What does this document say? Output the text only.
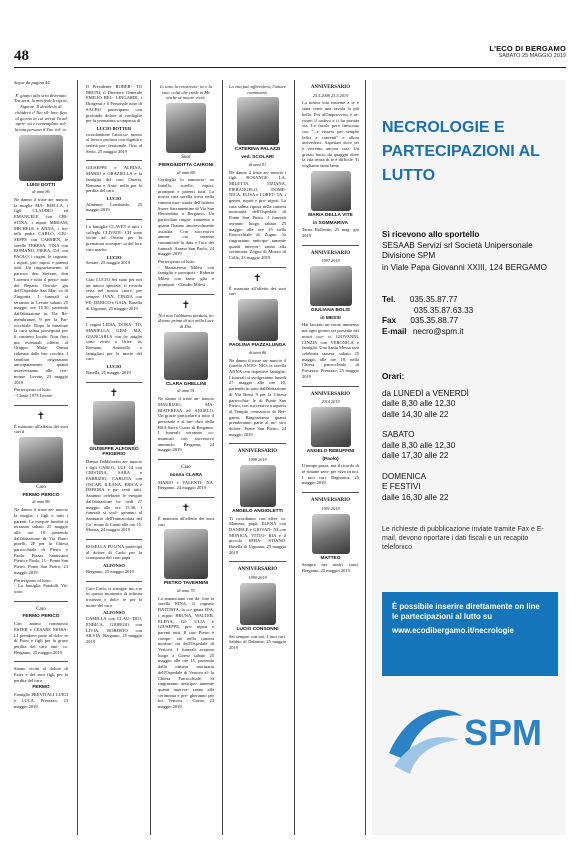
48	L'ECO DI BERGAMO
SABATO 25 MAGGIO 2019
Segue da pagina 44
E' giunto alla sera diventato Tra sera, la mia fede li riposi, Signore. Il desiderio di chiuderò il Tuo sil- lare, fino al giorno in cui verrai Tu ad aprir- mi e contemplare sul- la mia persona il Tuo vol- to.
LUIGI DOTTI
di anni 86
Ne danno il triste an- nuncio la moglie MA- RIELLA, i figli CLAUDIO ed EMANUELE con CRI- STINA, i nipoti MIRIAM, MICHELE e ANNA, i fra- telli padre CARLO, GIU- SEPPE con CARMEN, le sorelle TERESA, TINA con ROMANO, PIERA, DA con PAOLO, i cugini, le cognate, i nipoti, pro- nipoti e parenti tutti. Un ringraziamento al parroco don Stefano, don Lorenzo e tutto il perso- nale del Reparto Oncolo- gia dell'Ospedale San Mar- co di Zingonia. I funerali si terranno in Levate sabato 25 maggio ore 15.30, partendo dall'abitazione in Via Re- membranze, 9 per la Par- rocchiale. Dopo la funzione la cara salma proseguirà per il cimitero locale. Non fiori ma eventuali offerte al Gruppo Mala- Ormai ridonate dalle bar- rocchia. I familiari ringraziano anticipatamente quanti interverranno alle ceri- monie. Levate, 23 maggio 2019
Partecipano al lutto:
- Classe 1973 Levate
✝
È mancato all'affetto dei suoi cari il
Caro
FERMO PERICO
di anni 86
Ne danno il triste an- nuncio la moglie, i figli e tutti i parenti. Le esequie funebri si terranno sabato 25 maggio alle ore 10 partendo dall'abitazione di Via Ram- pinelli, 2F per la Chiesa parrocchiale di Pietro e Paolo. Piazza Santissimi Pietro e Paolo, 11 - Ponte San Pietro. Ponte San Pietro, 23 maggio 2019
Partecipano al lutto:
- La famiglia Pandolfi Vit- torio
Caro
FERMO PERICO
Con animo commosso ESTER e CESARE MORA- LI prendono parte al dolo- re di Ester e figli per la grave perdita del caro ami- co. Bergamo, 25 maggio 2019
Siamo vicini al dolore di Ester e dei suoi figli per la perdita del caro
FERMO
Famiglie PREVITALI LUIGI e LUCA. Presezzo, 23 maggio 2019
Il Presidente ROBER- TO BRUNI, il Direttore Generale EMILIO BEL- LINGARDI, i Dirigenti e il Personale tutto di SACBO partecipano con profondo dolore al cordoglio per la prematura scomparsa di
LUCIO BOTTER
ricordandone l'attacca- mento al lavoro profuso con dignità e serietà pro- fessionale. Orio al Serio, 25 maggio 2019
GIUSEPPE e ALBINA, MARIO e GRAZIELLA e la famiglia del caro Orietta, Romano e Anto- nella per la perdita del caro
LUCIO
Almenno Lombardo, 25 maggio 2019
La famiglia CLAVET e tutti i colleghi CLIVATE- CH sono vicini ad Orietta per la prematura scompar- sa del loro caro marito
LUCIO
Seriate, 25 maggio 2019
Ciao LUCIO Sei stato per noi un amico speciale, il ricordo resta nel nostro cuore, per sempre. IVAN, CINZIA con FE- DERICO e GAIA. Basella di Urgnano, 25 maggio 2019
I cugini LIDIA, DONA- TO, MARIELLA, GEM- MA, GIANCARLA con fa- miglie sono vicini a Oriet- ta, Romano, Antonella e famigliari per la morte del caro
LUCIO
Basella, 25 maggio 2019
✝
GIUSEPPE ALFONSO FRIGERIO
Danno l'addolorato an- nuncio i figli CARLO, LUI- GI con CRISTINA, SARA e FABRIZIO, CARLITA con OSCAR, ILEANA, ERICA e DEBORA e pa- renti tutti. Saranno celebrate le esequie dall'abitazione lu- nedì 27 maggio alle ore 15.30, i funerali si svol- geranno al Santuario dell'Immacolata nel Co- mune di Cantù alle ore 15. Monza, 24 maggio 2019
ROSELLA PULINA partecipa al dolore di Carlo per la scomparsa del caro papà
ALFONSO
Bergamo, 25 maggio 2019
Caro Carlo, ci stringia- mo a te in questo momento di infinita tristezza e dolo- re per la morte del caro
ALFONSO
CAMILLA con CLAU- DIO, ENRICA, GIORGIO con LIVIA, ROBERTO con SILVIA. Bergamo, 25 maggio 2019
Io sono la resurrezio- ne e la vita: colui che crede in Me anche se muore vivrà.
Suor
PIERGIUDITTA CAIRONI
di anni 88
Cordoglio lo annuncia- no fratello, sorelle, nipoti, pronipoti e parenti tutti. La nostra cara sorella trova nella camera mor- tuaria dell'Istituto Suore Sacramentine di Via San Bernardino a Bergamo. Un particolare ringra- ziamento a quanti l'hanno amorevolmente assistita. Con successivo annun- cio saranno comunicate la data e l'ora dei funerali. Aramo San Paolo, 24 maggio 2019
Partecipano al lutto:
- Mariateresa Milesi con famiglia e pronipoti - Roberta Milesi con fami- glia e pronipoti - Claudio Milesi
✝
Noi non l'abbiamo perduta, ho dovuto prima di noi nella Luce di Dio.
CLARA GHELLINI
di anni 91
Ne danno il triste an- nuncio MAURIZIO, MA- RIATERESA ed ANGELO. Un grazie particolare a tutto il personale e al me- dico della RSA Sacro Cuore di Bergamo. I funerali verranno co- municati con successivo annuncio. Bergamo, 24 maggio 2019
Ciao
nonna CLARA
MARIO e VALENTI- NA. Bergamo, 24 maggio 2019
✝
È mancato all'affetto dei suoi cari
PIETRO TAVERNINI
di anni 76
Lo annunciano con do- lore la sorella RINA, il cognato BATTISTA, la co- gnata IDA, i nipoti BRUNA, WALTER, ELENA, GI- ULIA e GIUSEPPE, pro- nipoti e parenti tutti. Il caro Pietro è compo- sto nella camera mortua- ria dell'Ospedale di Vertova. I funerali avranno luogo a Gorno sabato 25 maggio alle ore 15, partendo dalla camera mortuaria dell'Ospedale di Vertova al- la Chiesa Parrocchiale. Si ringraziano anticipa- tamente quanti interver- ranno alla cerimonia e pre- gheranno per lui. Vertova - Gorno, 24 maggio 2019
La vita può affievolirsi, l'amore continuerà.
CATERINA PALAZZI
ved. SCOLARI
di anni 91
Ne danno il triste an- nuncio i figli ROSANGE- LA, MILETTA, TIZIANA, PIERANGELO, DOME- NICA, ELISA e LORET- TA, i generi, nipoti e pro- nipoti. La cara salma riposa nella camera mortuaria dell'Ospedale di Ponte San Pietro. I funerali avranno luogo sabato 25 maggio alle ore 15 nella Parrocchiale di Zogno. Si ringraziano anticipa- tamente quanti interver- ranno alla cerimonia. Zogno di Mozzo di Colle, 23 maggio 2019
✝
È mancata all'affetto dei suoi cari
PAOLINA PIAZZALUNGA
di anni 86
Ne danno il triste an- nuncio il fratello ANTO- NIO, la sorella ANNA con rispettive famiglie. I funerali si svolgeranno lunedì 27 maggio alle ore 10, partendo in auto dall'abitazione di Via Bossi 9 per la Chiesa parrocchia- le di Ponte San Pietro, con successivo trasporto al Tempio crematorio di Ber- gamo. Ringraziamo quanti prenderanno parte al no- stro dolore. Ponte San Pietro, 24 maggio 2019
ANNIVERSARIO
1998 2019
ANGELO ANGIOLETTI
Ti ricordiamo con affet- to. Mamma, papà, ELENA con DANIELE e GIOVAN- NI con MONICA, VITTO- RIA e il piccolo SEBA- STIANO. Basella di Urgnano, 25 maggio 2019
ANNIVERSARIO
1990 2019
LUCIO CONSONNI
Sei sempre con noi. I tuoi cari. Sabbio di Dalmine, 25 maggio 2019
ANNIVERSARIO
25.5.2009 25.5.2019
La nostra vita insieme a te è stata come una favola la più bella. Poi all'improvviso è ar- rivato il cattivo e ti ha portata via. Le favole però finiscono con "...e vissero per sempre felici e contenti" e allora arrivederci. Aspettaci dove sei e vivremo ancora così. Un grosso bacio da quaggiù dove la vita senza di te è difficile. Ti vogliamo tanto bene.
MARIA DELLA VITE
in SOMMARIVA
Terno Bolleone, 25 mag- gio 2019
ANNIVERSARIO
1997 2019
GIULIANA BOLIS
in MESSI
Hai lasciato un vuoto immenso ma ogni giorno sei presente nei nostri cuo- ri. GIOVANNI, CINZIA con VERONICA e famiglia. Una Santa Messa sarà celebrata stasera, sabato 25 maggio alle ore 18, nella Chiesa parrocchiale di Presezzo. Presezzo, 25 maggio 2019
ANNIVERSARIO
2014 2019
ANGELO REBUFFINI
(Paolo)
Il tempo passa, ma il ricordo di te rimane sem- pre vivo in noi. I tuoi cari. Bagnatica, 25 maggio 2019
ANNIVERSARIO
1991 2019
MATTEO
Sempre nei nostri cuori. Bergamo, 25 maggio 2019
NECROLOGIE E PARTECIPAZIONI AL LUTTO
Si ricevono allo sportello
SESAAB Servizi srl Società Unipersonale Divisione SPM
in Viale Papa Giovanni XXIII, 124 BERGAMO
Tel. 035.35.87.77
035.35.87.63.33
Fax 035.35.88.77
E-mail necro@spm.it
Orari:
da LUNEDÌ a VENERDÌ
dalle 8,30 alle 12,30
dalle 14,30 alle 22
SABATO
dalle 8,30 alle 12,30
dalle 17,30 alle 22
DOMENICA
E FESTIVI
dalle 16,30 alle 22
Le richieste di pubblicazione inviate tramite Fax e E-mail, devono riportare i dati fiscali e un recapito telefonico
È possibile inserire direttamente on line le partecipazioni al lutto su
www.ecodibergamo.it/necrologie
SPM
